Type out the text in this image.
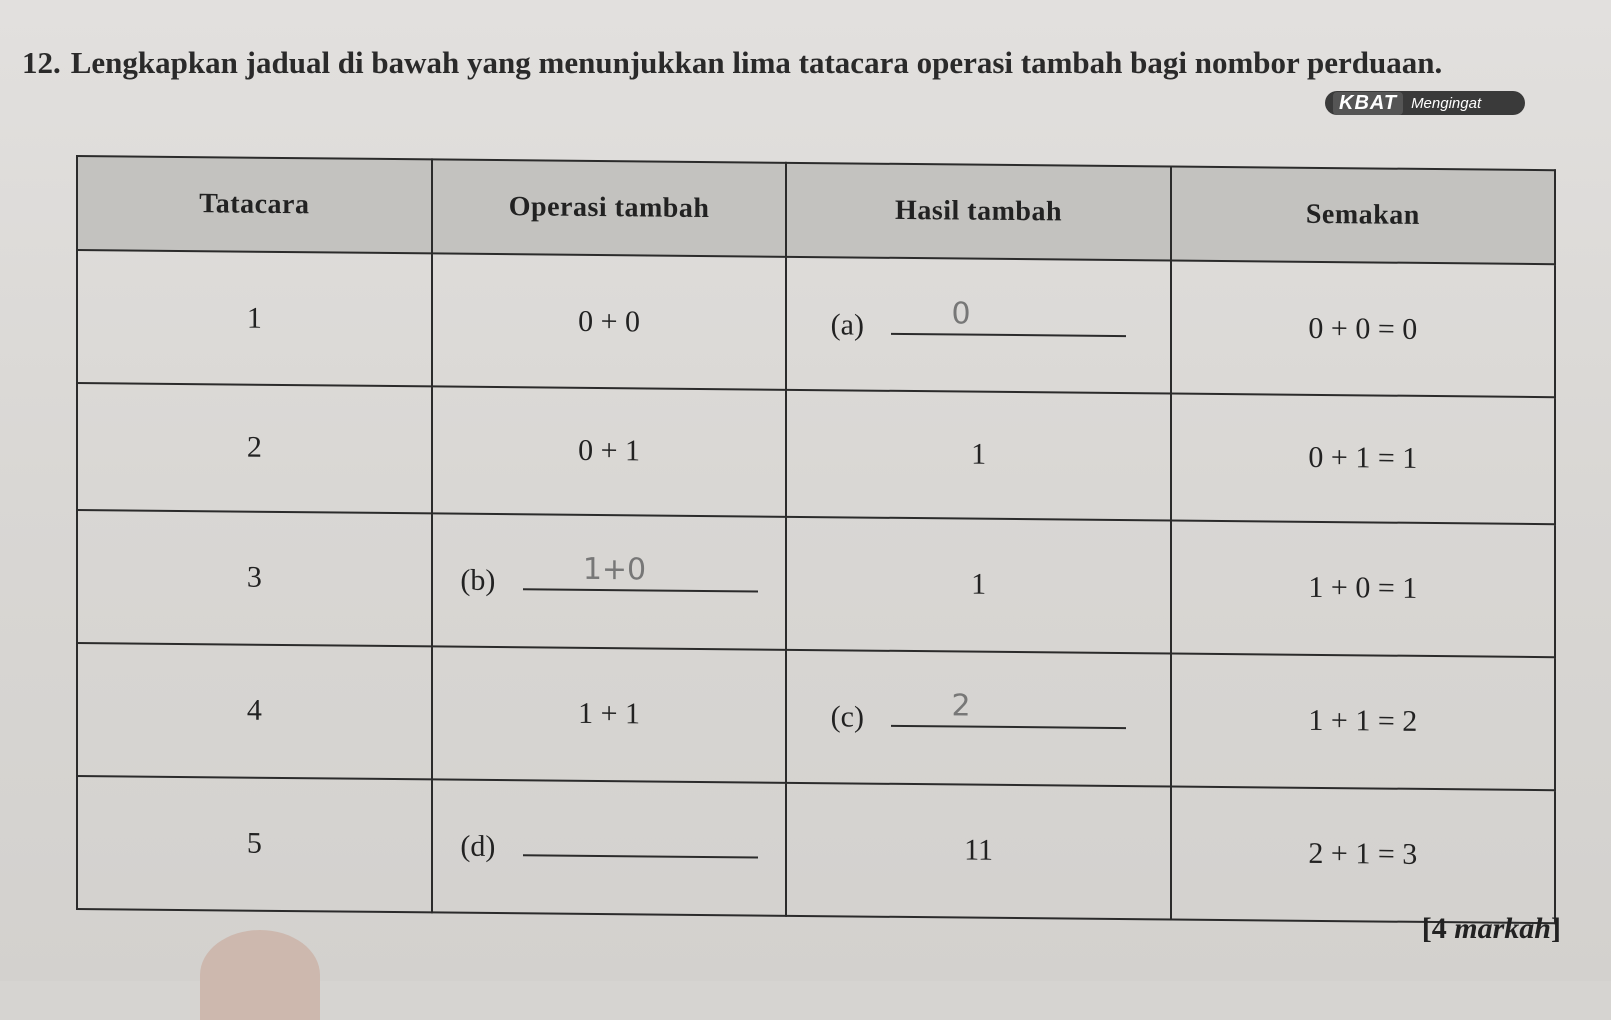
12. Lengkapkan jadual di bawah yang menunjukkan lima tatacara operasi tambah bagi nombor perduaan.
KBAT Mengingat
Tatacara	Operasi tambah	Hasil tambah	Semakan
1	0 + 0	(a) 0	0 + 0 = 0
2	0 + 1	1	0 + 1 = 1
3	(b) 1+0	1	1 + 0 = 1
4	1 + 1	(c) 2	1 + 1 = 2
5	(d)	11	2 + 1 = 3
[4 markah]
